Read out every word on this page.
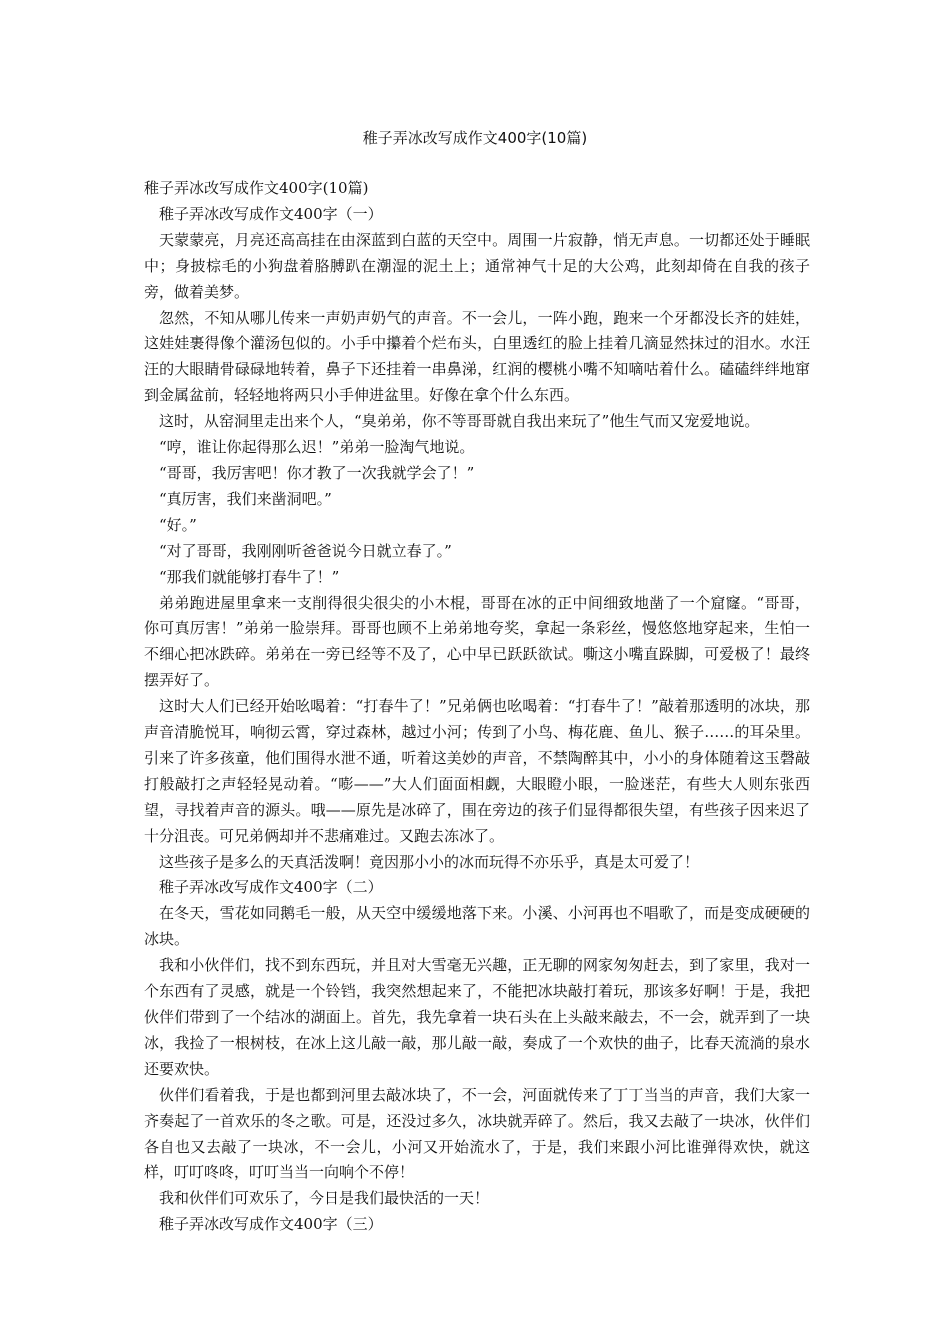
稚子弄冰改写成作文400字(10篇)

稚子弄冰改写成作文400字(10篇)

稚子弄冰改写成作文400字（一）

天蒙蒙亮，月亮还高高挂在由深蓝到白蓝的天空中。周围一片寂静，悄无声息。一切都还处于睡眠中；身披棕毛的小狗盘着胳膊趴在潮湿的泥土上；通常神气十足的大公鸡，此刻却倚在自我的孩子旁，做着美梦。

忽然，不知从哪儿传来一声奶声奶气的声音。不一会儿，一阵小跑，跑来一个牙都没长齐的娃娃，这娃娃裹得像个灌汤包似的。小手中攥着个烂布头，白里透红的脸上挂着几滴显然抹过的泪水。水汪汪的大眼睛骨碌碌地转着，鼻子下还挂着一串鼻涕，红润的樱桃小嘴不知嘀咕着什么。磕磕绊绊地窜到金属盆前，轻轻地将两只小手伸进盆里。好像在拿个什么东西。

这时，从窑洞里走出来个人，“臭弟弟，你不等哥哥就自我出来玩了”他生气而又宠爱地说。

“哼，谁让你起得那么迟！”弟弟一脸淘气地说。

“哥哥，我厉害吧！你才教了一次我就学会了！”

“真厉害，我们来凿洞吧。”

“好。”

“对了哥哥，我刚刚听爸爸说今日就立春了。”

“那我们就能够打春牛了！”

弟弟跑进屋里拿来一支削得很尖很尖的小木棍，哥哥在冰的正中间细致地凿了一个窟窿。“哥哥，你可真厉害！”弟弟一脸崇拜。哥哥也顾不上弟弟地夸奖，拿起一条彩丝，慢悠悠地穿起来，生怕一不细心把冰跌碎。弟弟在一旁已经等不及了，心中早已跃跃欲试。嘶这小嘴直跺脚，可爱极了！最终摆弄好了。

这时大人们已经开始吆喝着：“打春牛了！”兄弟俩也吆喝着：“打春牛了！”敲着那透明的冰块，那声音清脆悦耳，响彻云霄，穿过森林，越过小河；传到了小鸟、梅花鹿、鱼儿、猴子……的耳朵里。引来了许多孩童，他们围得水泄不通，听着这美妙的声音，不禁陶醉其中，小小的身体随着这玉磬敲打般敲打之声轻轻晃动着。“嘭——”大人们面面相觑，大眼瞪小眼，一脸迷茫，有些大人则东张西望，寻找着声音的源头。哦——原先是冰碎了，围在旁边的孩子们显得都很失望，有些孩子因来迟了十分沮丧。可兄弟俩却并不悲痛难过。又跑去冻冰了。

这些孩子是多么的天真活泼啊！竟因那小小的冰而玩得不亦乐乎，真是太可爱了！

稚子弄冰改写成作文400字（二）

在冬天，雪花如同鹅毛一般，从天空中缓缓地落下来。小溪、小河再也不唱歌了，而是变成硬硬的冰块。

我和小伙伴们，找不到东西玩，并且对大雪毫无兴趣，正无聊的网家匆匆赶去，到了家里，我对一个东西有了灵感，就是一个铃铛，我突然想起来了，不能把冰块敲打着玩，那该多好啊！于是，我把伙伴们带到了一个结冰的湖面上。首先，我先拿着一块石头在上头敲来敲去，不一会，就弄到了一块冰，我捡了一根树枝，在冰上这儿敲一敲，那儿敲一敲，奏成了一个欢快的曲子，比春天流淌的泉水还要欢快。

伙伴们看着我，于是也都到河里去敲冰块了，不一会，河面就传来了丁丁当当的声音，我们大家一齐奏起了一首欢乐的冬之歌。可是，还没过多久，冰块就弄碎了。然后，我又去敲了一块冰，伙伴们各自也又去敲了一块冰，不一会儿，小河又开始流水了，于是，我们来跟小河比谁弹得欢快，就这样，叮叮咚咚，叮叮当当一向响个不停！

我和伙伴们可欢乐了，今日是我们最快活的一天！

稚子弄冰改写成作文400字（三）
